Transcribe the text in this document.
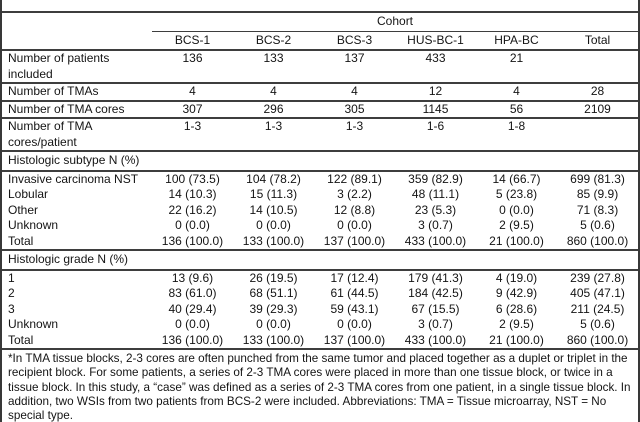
	Cohort					
	BCS-1	BCS-2	BCS-3	HUS-BC-1	HPA-BC	Total
Number of patients included	136	133	137	433	21	
Number of TMAs	4	4	4	12	4	28
Number of TMA cores	307	296	305	1145	56	2109
Number of TMA cores/patient	1-3	1-3	1-3	1-6	1-8	
Histologic subtype N (%)						
Invasive carcinoma NST	100 (73.5)	104 (78.2)	122 (89.1)	359 (82.9)	14 (66.7)	699 (81.3)
Lobular	14 (10.3)	15 (11.3)	3 (2.2)	48 (11.1)	5 (23.8)	85 (9.9)
Other	22 (16.2)	14 (10.5)	12 (8.8)	23 (5.3)	0 (0.0)	71 (8.3)
Unknown	0 (0.0)	0 (0.0)	0 (0.0)	3 (0.7)	2 (9.5)	5 (0.6)
Total	136 (100.0)	133 (100.0)	137 (100.0)	433 (100.0)	21 (100.0)	860 (100.0)
Histologic grade N (%)						
1	13 (9.6)	26 (19.5)	17 (12.4)	179 (41.3)	4 (19.0)	239 (27.8)
2	83 (61.0)	68 (51.1)	61 (44.5)	184 (42.5)	9 (42.9)	405 (47.1)
3	40 (29.4)	39 (29.3)	59 (43.1)	67 (15.5)	6 (28.6)	211 (24.5)
Unknown	0 (0.0)	0 (0.0)	0 (0.0)	3 (0.7)	2 (9.5)	5 (0.6)
Total	136 (100.0)	133 (100.0)	137 (100.0)	433 (100.0)	21 (100.0)	860 (100.0)
*In TMA tissue blocks, 2-3 cores are often punched from the same tumor and placed together as a duplet or triplet in the recipient block. For some patients, a series of 2-3 TMA cores were placed in more than one tissue block, or twice in a tissue block. In this study, a “case” was defined as a series of 2-3 TMA cores from one patient, in a single tissue block. In addition, two WSIs from two patients from BCS-2 were included. Abbreviations: TMA = Tissue microarray, NST = No special type.
